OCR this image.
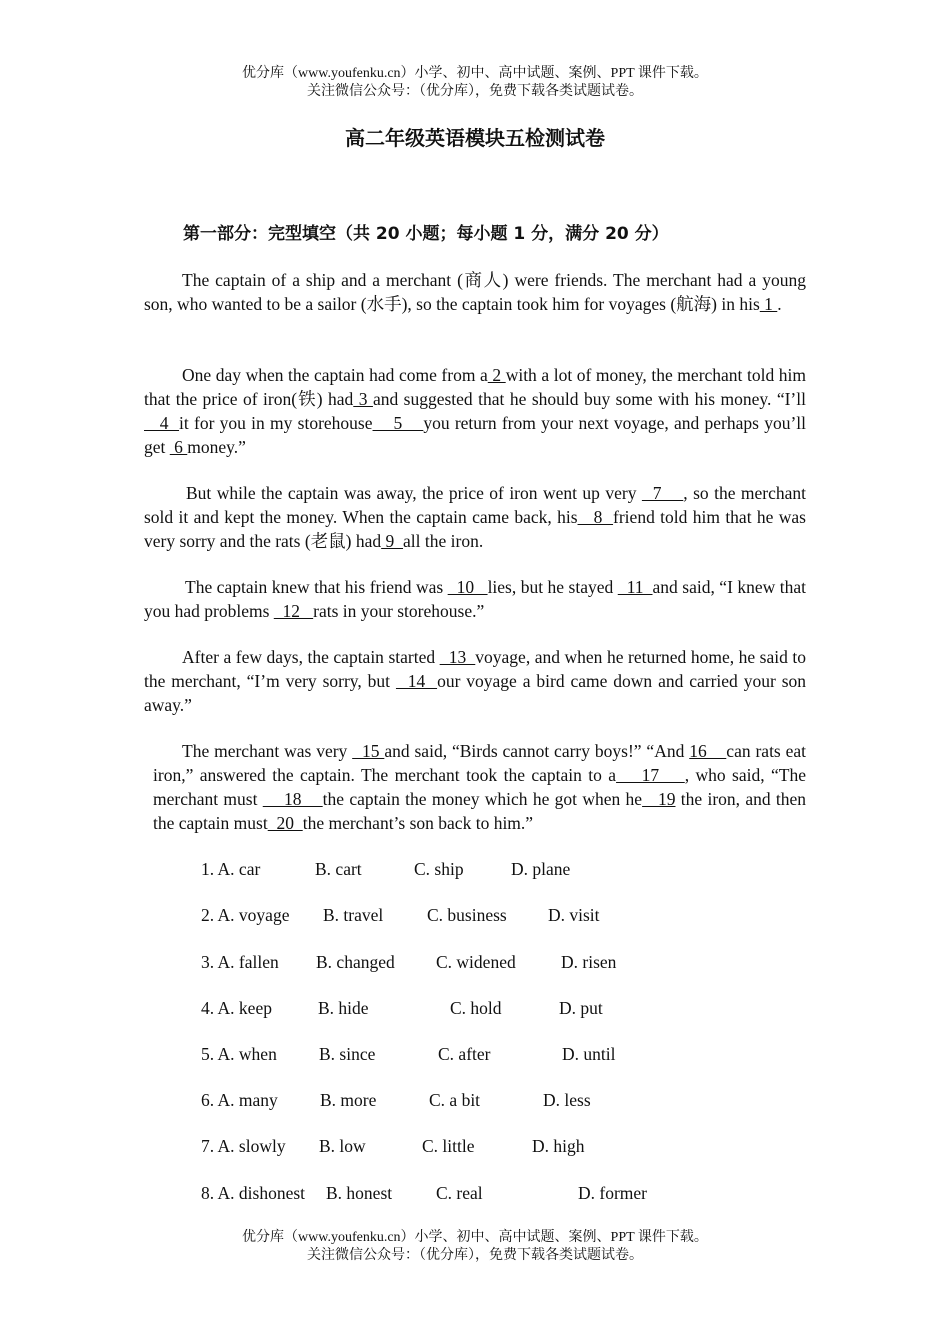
优分库（www.youfenku.cn）小学、初中、高中试题、案例、PPT 课件下载。
关注微信公众号：（优分库），免费下载各类试题试卷。
高二年级英语模块五检测试卷
第一部分：完型填空（共 20 小题；每小题 1 分，满分 20 分）
The captain of a ship and a merchant (商人) were friends. The merchant had a young son, who wanted to be a sailor (水手), so the captain took him for voyages (航海) in his 1 .
One day when the captain had come from a 2 with a lot of money, the merchant told him that the price of iron(铁) had 3 and suggested that he should buy some with his money. “I’ll   4  it for you in my storehouse    5    you return from your next voyage, and perhaps you’ll get  6 money.”
But while the captain was away, the price of iron went up very   7    , so the merchant sold it and kept the money. When the captain came back, his   8  friend told him that he was very sorry and the rats (老鼠) had 9  all the iron.
The captain knew that his friend was   10   lies, but he stayed   11  and said, “I knew that you had problems   12   rats in your storehouse.”
After a few days, the captain started   13  voyage, and when he returned home, he said to the merchant, “I’m very sorry, but   14  our voyage a bird came down and carried your son away.”
The merchant was very   15 and said, “Birds cannot carry boys!” “And 16    can rats eat iron,” answered the captain. The merchant took the captain to a    17    , who said, “The merchant must     18    the captain the money which he got when he   19 the iron, and then the captain must  20  the merchant’s son back to him.”
1. A. car	B. cart	C. ship	D. plane
2. A. voyage B. travel C. business D. visit
3. A. fallen B. changed C. widened	D. risen
4. A. keep	B. hide	C. hold	D. put
5. A. when B. since	C. after	D. until
6. A. many B. more	C. a bit	D. less
7. A. slowly B. low	C. little	D. high
8. A. dishonest B. honest	C. real	D. former
优分库（www.youfenku.cn）小学、初中、高中试题、案例、PPT 课件下载。
关注微信公众号：（优分库），免费下载各类试题试卷。
